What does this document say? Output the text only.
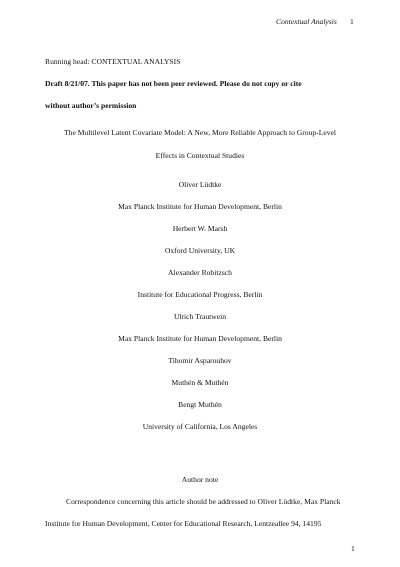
Contextual Analysis 1
Running head: CONTEXTUAL ANALYSIS
Draft 8/21/07. This paper has not been peer reviewed. Please do not copy or cite
without author’s permission
The Multilevel Latent Covariate Model: A New, More Reliable Approach to Group-Level
Effects in Contextual Studies
Oliver Lüdtke
Max Planck Institute for Human Development, Berlin
Herbert W. Marsh
Oxford University, UK
Alexander Robitzsch
Institute for Educational Progress, Berlin
Ulrich Trautwein
Max Planck Institute for Human Development, Berlin
Tihomir Asparouhov
Muthén & Muthén
Bengt Muthén
University of California, Los Angeles
Author note
Correspondence concerning this article should be addressed to Oliver Lüdtke, Max Planck
Institute for Human Development, Center for Educational Research, Lentzeallee 94, 14195
1
